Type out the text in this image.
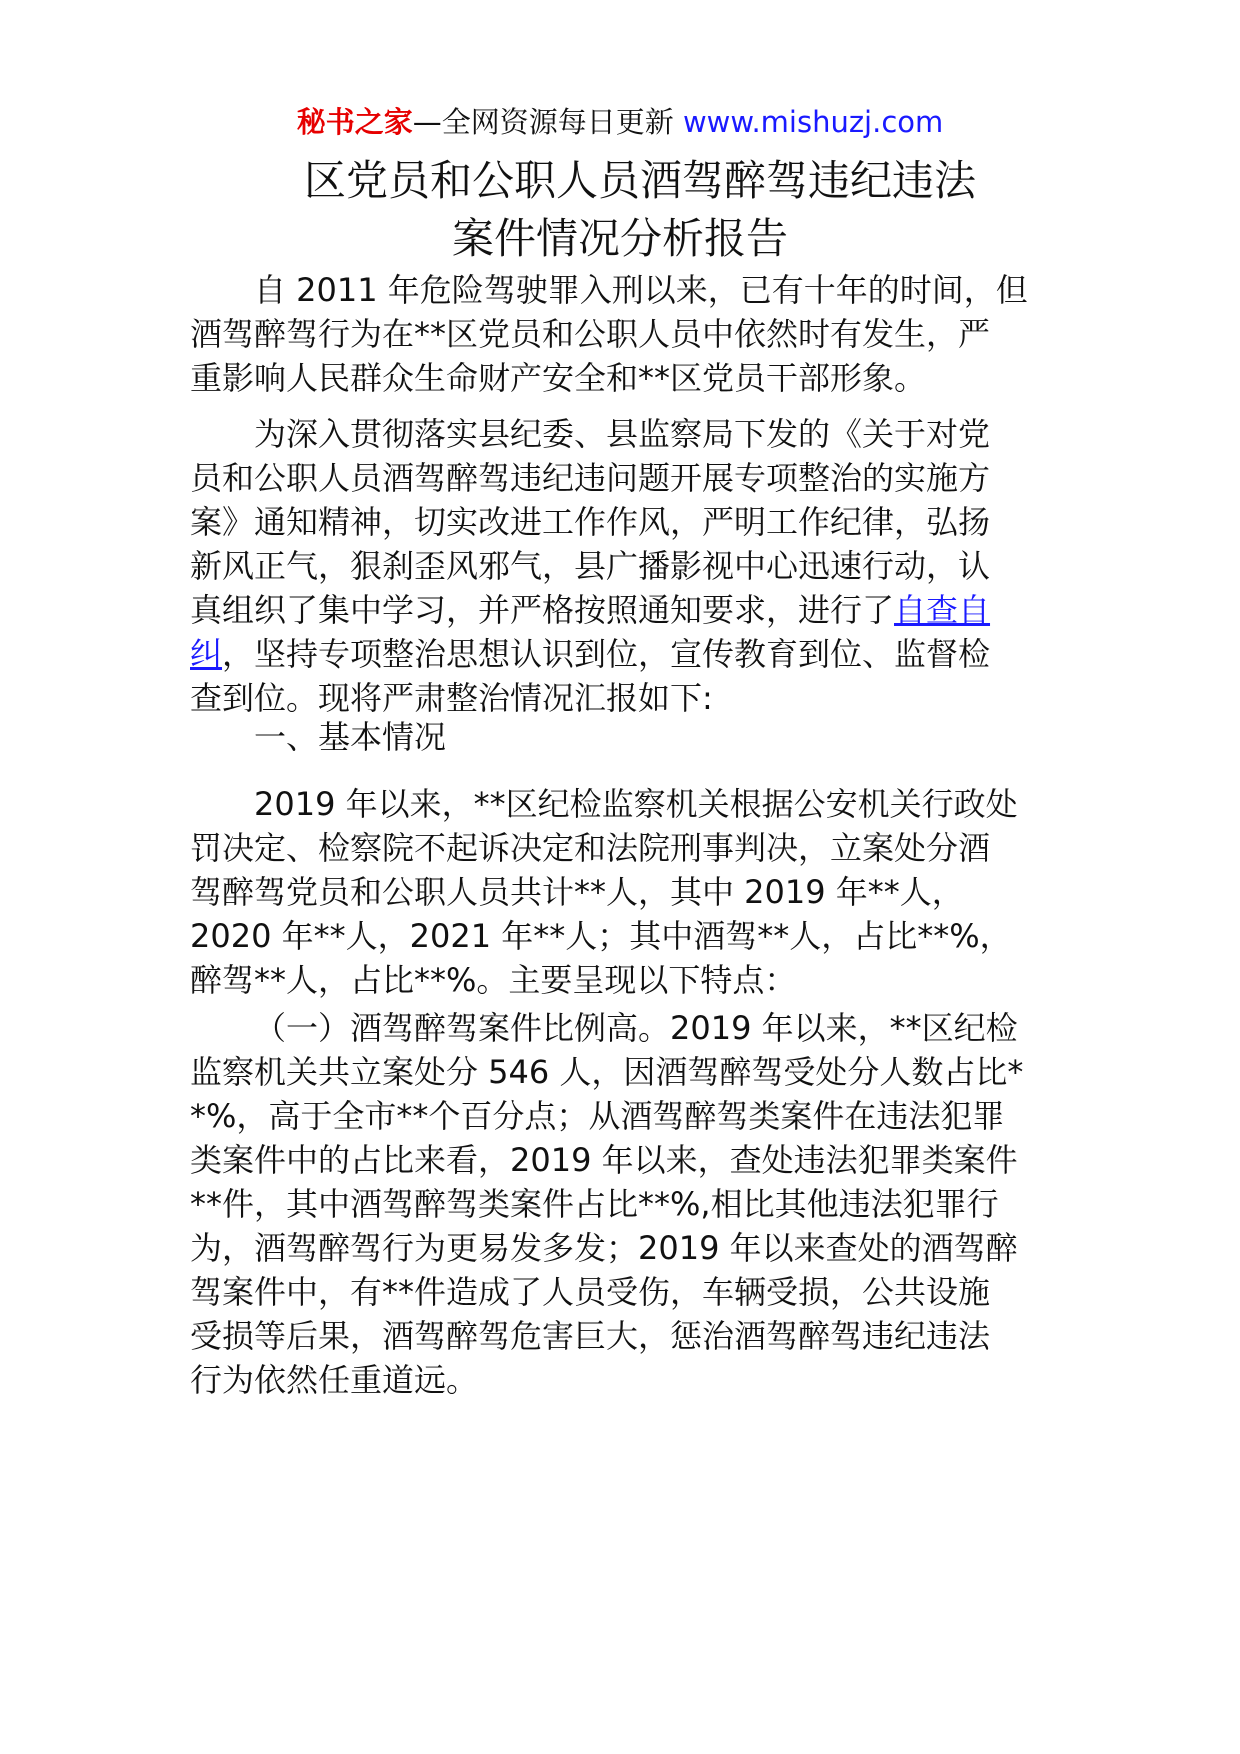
秘书之家—全网资源每日更新 www.mishuzj.com
区党员和公职人员酒驾醉驾违纪违法
案件情况分析报告
自 2011 年危险驾驶罪入刑以来，已有十年的时间，但
酒驾醉驾行为在**区党员和公职人员中依然时有发生，严
重影响人民群众生命财产安全和**区党员干部形象。
为深入贯彻落实县纪委、县监察局下发的《关于对党
员和公职人员酒驾醉驾违纪违问题开展专项整治的实施方
案》通知精神，切实改进工作作风，严明工作纪律，弘扬
新风正气，狠刹歪风邪气，县广播影视中心迅速行动，认
真组织了集中学习，并严格按照通知要求，进行了自查自
纠，坚持专项整治思想认识到位，宣传教育到位、监督检
查到位。现将严肃整治情况汇报如下:
一、基本情况
2019 年以来，**区纪检监察机关根据公安机关行政处
罚决定、检察院不起诉决定和法院刑事判决，立案处分酒
驾醉驾党员和公职人员共计**人，其中 2019 年**人，
2020 年**人，2021 年**人；其中酒驾**人，占比**%，
醉驾**人，占比**%。主要呈现以下特点：
（一）酒驾醉驾案件比例高。2019 年以来，**区纪检
监察机关共立案处分 546 人，因酒驾醉驾受处分人数占比*
*%，高于全市**个百分点；从酒驾醉驾类案件在违法犯罪
类案件中的占比来看，2019 年以来，查处违法犯罪类案件
**件，其中酒驾醉驾类案件占比**%,相比其他违法犯罪行
为，酒驾醉驾行为更易发多发；2019 年以来查处的酒驾醉
驾案件中，有**件造成了人员受伤，车辆受损，公共设施
受损等后果，酒驾醉驾危害巨大，惩治酒驾醉驾违纪违法
行为依然任重道远。
